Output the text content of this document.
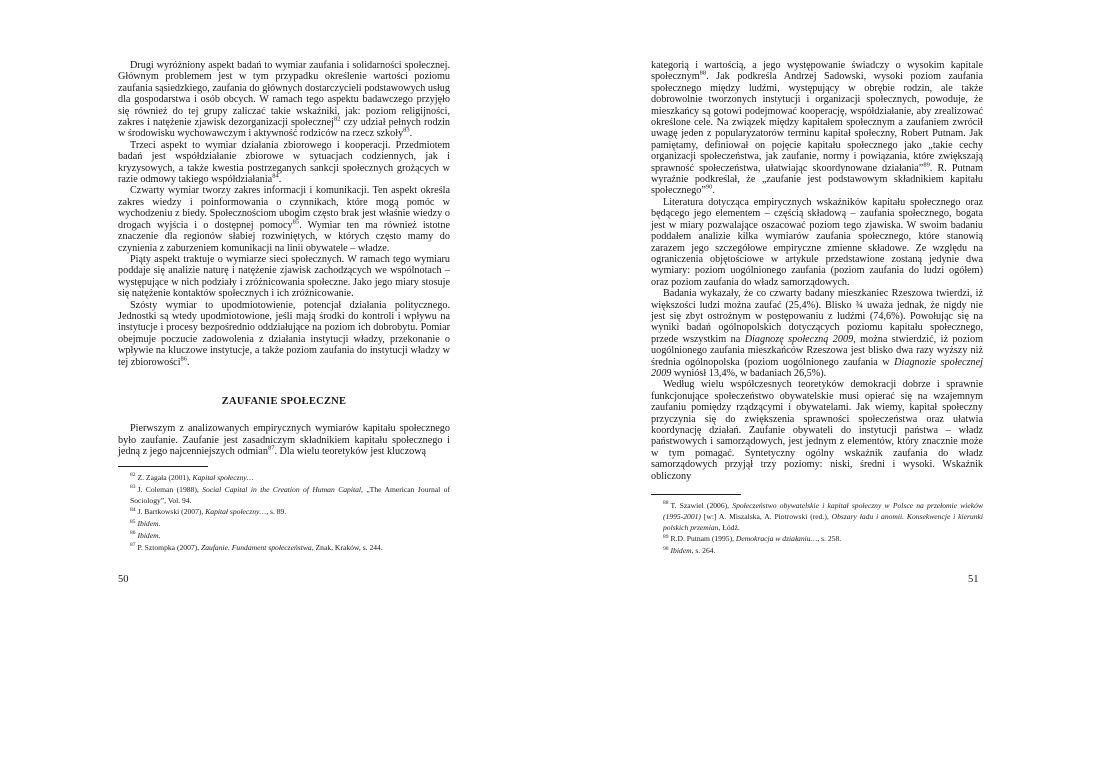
Drugi wyróżniony aspekt badań to wymiar zaufania i solidarności społecznej. Głównym problemem jest w tym przypadku określenie wartości poziomu zaufania sąsiedzkiego, zaufania do głównych dostarczycieli podstawowych usług dla gospodarstwa i osób obcych. W ramach tego aspektu badawczego przyjęło się również do tej grupy zaliczać takie wskaźniki, jak: poziom religijności, zakres i natężenie zjawisk dezorganizacji społecznej$^{82}$ czy udział pełnych rodzin w środowisku wychowawczym i aktywność rodziców na rzecz szkoły$^{83}$.

Trzeci aspekt to wymiar działania zbiorowego i kooperacji. Przedmiotem badań jest współdziałanie zbiorowe w sytuacjach codziennych, jak i kryzysowych, a także kwestia postrzeganych sankcji społecznych grożących w razie odmowy takiego współdziałania$^{84}$.

Czwarty wymiar tworzy zakres informacji i komunikacji. Ten aspekt określa zakres wiedzy i poinformowania o czynnikach, które mogą pomóc w wychodzeniu z biedy. Społecznościom ubogim często brak jest właśnie wiedzy o drogach wyjścia i o dostępnej pomocy$^{85}$. Wymiar ten ma również istotne znaczenie dla regionów słabiej rozwiniętych, w których często mamy do czynienia z zaburzeniem komunikacji na linii obywatele – władze.

Piąty aspekt traktuje o wymiarze sieci społecznych. W ramach tego wymiaru poddaje się analizie naturę i natężenie zjawisk zachodzących we wspólnotach – występujące w nich podziały i zróżnicowania społeczne. Jako jego miary stosuje się natężenie kontaktów społecznych i ich zróżnicowanie.

Szósty wymiar to upodmiotowienie, potencjał działania politycznego. Jednostki są wtedy upodmiotowione, jeśli mają środki do kontroli i wpływu na instytucje i procesy bezpośrednio oddziałujące na poziom ich dobrobytu. Pomiar obejmuje poczucie zadowolenia z działania instytucji władzy, przekonanie o wpływie na kluczowe instytucje, a także poziom zaufania do instytucji władzy w tej zbiorowości$^{86}$.

ZAUFANIE SPOŁECZNE

Pierwszym z analizowanych empirycznych wymiarów kapitału społecznego było zaufanie. Zaufanie jest zasadniczym składnikiem kapitału społecznego i jedną z jego najcenniejszych odmian$^{87}$. Dla wielu teoretyków jest kluczową

$^{82}$ Z. Zagała (2001), Kapitał społeczny…

$^{83}$ J. Coleman (1988), Social Capital in the Creation of Human Capital, „The American Journal of Sociology”, Vol. 94.

$^{84}$ J. Bartkowski (2007), Kapitał społeczny…, s. 89.

$^{85}$ Ibidem.

$^{86}$ Ibidem.

$^{87}$ P. Sztompka (2007), Zaufanie. Fundament społeczeństwa, Znak, Kraków, s. 244.

50

kategorią i wartością, a jego występowanie świadczy o wysokim kapitale społecznym$^{88}$. Jak podkreśla Andrzej Sadowski, wysoki poziom zaufania społecznego między ludźmi, występujący w obrębie rodzin, ale także dobrowolnie tworzonych instytucji i organizacji społecznych, powoduje, że mieszkańcy są gotowi podejmować kooperację, współdziałanie, aby zrealizować określone cele. Na związek między kapitałem społecznym a zaufaniem zwrócił uwagę jeden z popularyzatorów terminu kapitał społeczny, Robert Putnam. Jak pamiętamy, definiował on pojęcie kapitału społecznego jako „takie cechy organizacji społeczeństwa, jak zaufanie, normy i powiązania, które zwiększają sprawność społeczeństwa, ułatwiając skoordynowane działania”$^{89}$. R. Putnam wyraźnie podkreślał, że „zaufanie jest podstawowym składnikiem kapitału społecznego”$^{90}$.

Literatura dotycząca empirycznych wskaźników kapitału społecznego oraz będącego jego elementem – częścią składową – zaufania społecznego, bogata jest w miary pozwalające oszacować poziom tego zjawiska. W swoim badaniu poddałem analizie kilka wymiarów zaufania społecznego, które stanowią zarazem jego szczegółowe empiryczne zmienne składowe. Ze względu na ograniczenia objętościowe w artykule przedstawione zostaną jedynie dwa wymiary: poziom uogólnionego zaufania (poziom zaufania do ludzi ogółem) oraz poziom zaufania do władz samorządowych.

Badania wykazały, że co czwarty badany mieszkaniec Rzeszowa twierdzi, iż większości ludzi można zaufać (25,4%). Blisko ¾ uważa jednak, że nigdy nie jest się zbyt ostrożnym w postępowaniu z ludźmi (74,6%). Powołując się na wyniki badań ogólnopolskich dotyczących poziomu kapitału społecznego, przede wszystkim na Diagnozę społeczną 2009, można stwierdzić, iż poziom uogólnionego zaufania mieszkańców Rzeszowa jest blisko dwa razy wyższy niż średnia ogólnopolska (poziom uogólnionego zaufania w Diagnozie społecznej 2009 wyniósł 13,4%, w badaniach 26,5%).

Według wielu współczesnych teoretyków demokracji dobrze i sprawnie funkcjonujące społeczeństwo obywatelskie musi opierać się na wzajemnym zaufaniu pomiędzy rządzącymi i obywatelami. Jak wiemy, kapitał społeczny przyczynia się do zwiększenia sprawności społeczeństwa oraz ułatwia koordynację działań. Zaufanie obywateli do instytucji państwa – władz państwowych i samorządowych, jest jednym z elementów, który znacznie może w tym pomagać. Syntetyczny ogólny wskaźnik zaufania do władz samorządowych przyjął trzy poziomy: niski, średni i wysoki. Wskaźnik obliczony

$^{88}$ T. Szawiel (2006), Społeczeństwo obywatelskie i kapitał społeczny w Polsce na przełomie wieków (1995-2001) [w:] A. Miszalska, A. Piotrowski (red.), Obszary ładu i anomii. Konsekwencje i kierunki polskich przemian, Łódź.

$^{89}$ R.D. Putnam (1995), Demokracja w działaniu…, s. 258.

$^{90}$ Ibidem, s. 264.

51
